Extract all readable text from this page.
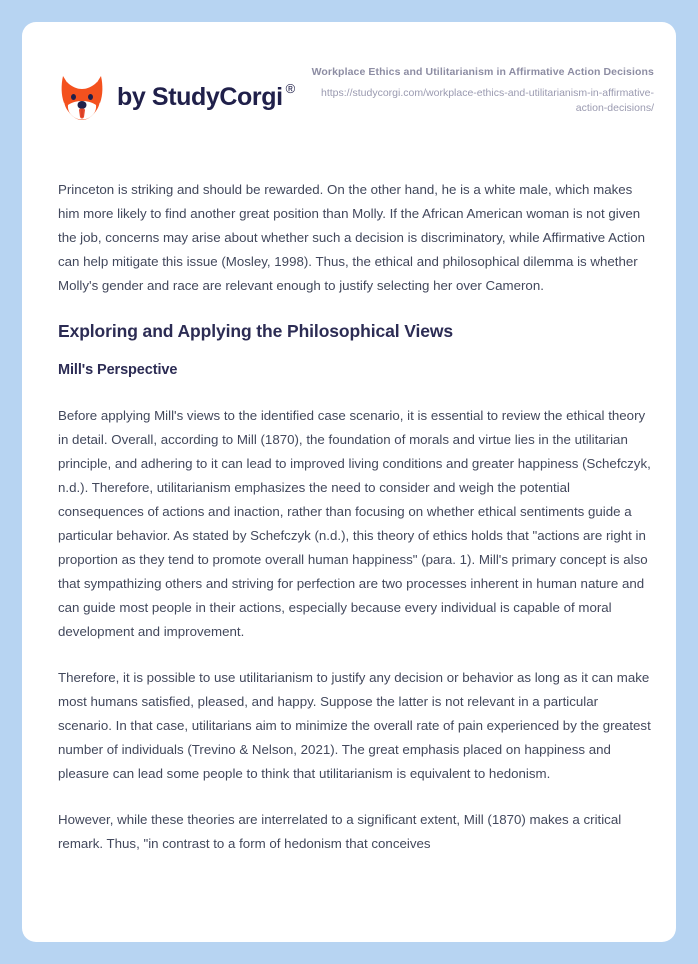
by StudyCorgi ®
Workplace Ethics and Utilitarianism in Affirmative Action Decisions
https://studycorgi.com/workplace-ethics-and-utilitarianism-in-affirmative-action-decisions/

Princeton is striking and should be rewarded. On the other hand, he is a white male, which makes him more likely to find another great position than Molly. If the African American woman is not given the job, concerns may arise about whether such a decision is discriminatory, while Affirmative Action can help mitigate this issue (Mosley, 1998). Thus, the ethical and philosophical dilemma is whether Molly's gender and race are relevant enough to justify selecting her over Cameron.

Exploring and Applying the Philosophical Views
Mill's Perspective

Before applying Mill's views to the identified case scenario, it is essential to review the ethical theory in detail. Overall, according to Mill (1870), the foundation of morals and virtue lies in the utilitarian principle, and adhering to it can lead to improved living conditions and greater happiness (Schefczyk, n.d.). Therefore, utilitarianism emphasizes the need to consider and weigh the potential consequences of actions and inaction, rather than focusing on whether ethical sentiments guide a particular behavior. As stated by Schefczyk (n.d.), this theory of ethics holds that "actions are right in proportion as they tend to promote overall human happiness" (para. 1). Mill's primary concept is also that sympathizing others and striving for perfection are two processes inherent in human nature and can guide most people in their actions, especially because every individual is capable of moral development and improvement.

Therefore, it is possible to use utilitarianism to justify any decision or behavior as long as it can make most humans satisfied, pleased, and happy. Suppose the latter is not relevant in a particular scenario. In that case, utilitarians aim to minimize the overall rate of pain experienced by the greatest number of individuals (Trevino & Nelson, 2021). The great emphasis placed on happiness and pleasure can lead some people to think that utilitarianism is equivalent to hedonism.

However, while these theories are interrelated to a significant extent, Mill (1870) makes a critical remark. Thus, "in contrast to a form of hedonism that conceives
